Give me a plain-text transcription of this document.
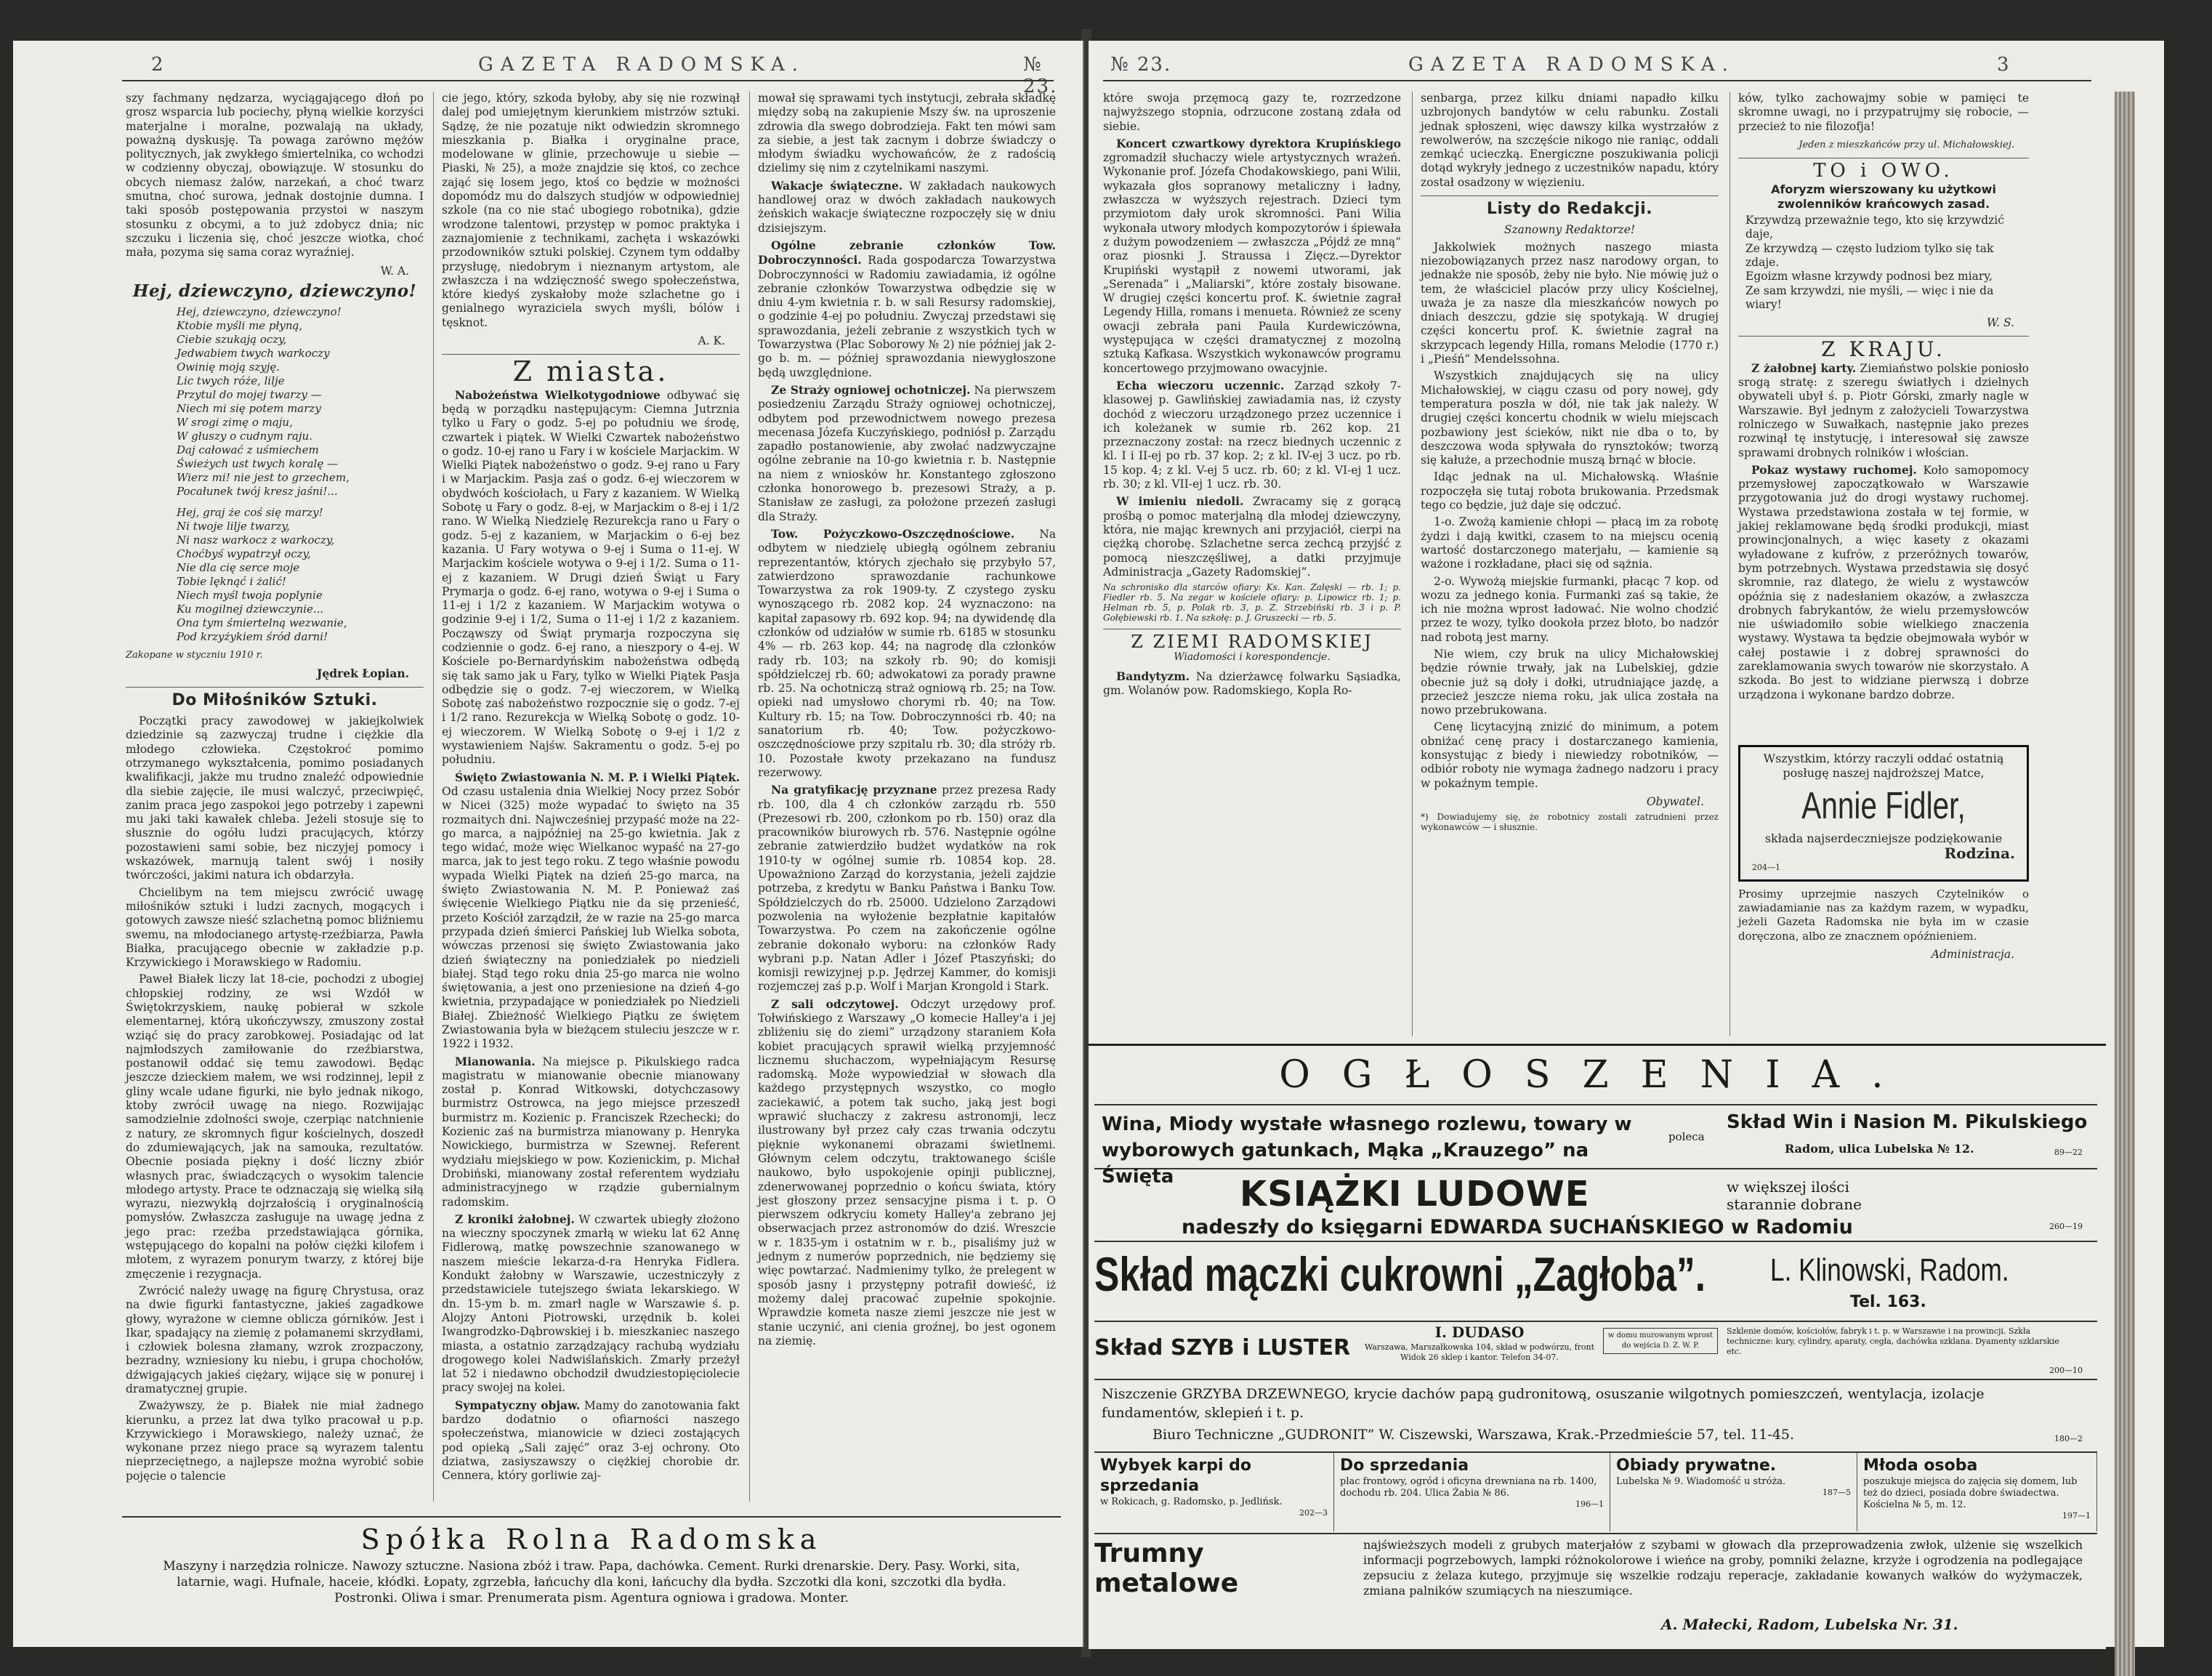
2	GAZETA RADOMSKA.	№ 23.

szy fachmany nędzarza, wyciągającego dłoń po grosz wsparcia lub pociechy, płyną wielkie korzyści materjalne i moralne, pozwalają na układy, poważną dyskusję. Ta powaga zarówno mężów politycznych, jak zwykłego śmiertelnika, co wchodzi w codzienny obyczaj, obowiązuje. W stosunku do obcych niemasz żalów, narzekań, a choć twarz smutna, choć surowa, jednak dostojnie dumna. I taki sposób postępowania przystoi w naszym stosunku z obcymi, a to już zdobycz dnia; nic szczuku i liczenia się, choć jeszcze wiotka, choć mała, pozyma się sama coraz wyraźniej.

W. A.
Hej, dziewczyno, dziewczyno!
Hej, dziewczyno, dziewczyno!
Ktobie myśli me płyną,
Ciebie szukają oczy,
Jedwabiem twych warkoczy
Owinię moją szyję.
Lic twych róże, lilje
Przytul do mojej twarzy —
Niech mi się potem marzy
W srogi zimę o maju,
W głuszy o cudnym raju.
Daj całować z uśmiechem
Świeżych ust twych koralę —
Wierz mi! nie jest to grzechem,
Pocałunek twój kresz jaśni!...
Hej, graj że coś się marzy!
Ni twoje lilje twarzy,
Ni nasz warkocz z warkoczy,
Choćbyś wypatrzył oczy,
Nie dla cię serce moje
Tobie lęknąć i żalić!
Niech myśl twoja poplynie
Ku mogilnej dziewczynie...
Ona tym śmiertelną wezwanie,
Pod krzyżykiem śród darni!
Zakopane w styczniu 1910 r.
Jędrek Łopian.
Do Miłośników Sztuki.

Początki pracy zawodowej w jakiejkolwiek dziedzinie są zazwyczaj trudne i ciężkie dla młodego człowieka. Częstokroć pomimo otrzymanego wykształcenia, pomimo posiadanych kwalifikacji, jakże mu trudno znaleźć odpowiednie dla siebie zajęcie, ile musi walczyć, przeciwpięć, zanim praca jego zaspokoi jego potrzeby i zapewni mu jaki taki kawałek chleba. Jeżeli stosuje się to słusznie do ogółu ludzi pracujących, którzy pozostawieni sami sobie, bez niczyjej pomocy i wskazówek, marnują talent swój i nosiły twórczości, jakimi natura ich obdarzyła.

Chcielibym na tem miejscu zwrócić uwagę miłośników sztuki i ludzi zacnych, mogących i gotowych zawsze nieść szlachetną pomoc bliźniemu swemu, na młodocianego artystę-rzeźbiarza, Pawła Białka, pracującego obecnie w zakładzie p.p. Krzywickiego i Morawskiego w Radomiu.

Paweł Białek liczy lat 18-cie, pochodzi z ubogiej chłopskiej rodziny, ze wsi Wzdół w Świętokrzyskiem, naukę pobierał w szkole elementarnej, którą ukończywszy, zmuszony został wziąć się do pracy zarobkowej. Posiadając od lat najmłodszych zamiłowanie do rzeźbiarstwa, postanowił oddać się temu zawodowi. Będąc jeszcze dzieckiem małem, we wsi rodzinnej, lepił z gliny wcale udane figurki, nie było jednak nikogo, ktoby zwrócił uwagę na niego. Rozwijając samodzielnie zdolności swoje, czerpiąc natchnienie z natury, ze skromnych figur kościelnych, doszedł do zdumiewających, jak na samouka, rezultatów. Obecnie posiada piękny i dość liczny zbiór własnych prac, świadczących o wysokim talencie młodego artysty. Prace te odznaczają się wielką siłą wyrazu, niezwykłą dojrzałością i oryginalnością pomysłów. Zwłaszcza zasługuje na uwagę jedna z jego prac: rzeźba przedstawiająca górnika, wstępującego do kopalni na połów ciężki kilofem i młotem, z wyrazem ponurym twarzy, z której bije zmęczenie i rezygnacja.

Zwrócić należy uwagę na figurę Chrystusa, oraz na dwie figurki fantastyczne, jakieś zagadkowe głowy, wyrażone w ciemne oblicza górników. Jest i Ikar, spadający na ziemię z połamanemi skrzydłami, i człowiek bolesna złamany, wzrok zrozpaczony, bezradny, wzniesiony ku niebu, i grupa chochołów, dźwigających jakieś ciężary, wijące się w ponurej i dramatycznej grupie.

Zważywszy, że p. Białek nie miał żadnego kierunku, a przez lat dwa tylko pracował u p.p. Krzywickiego i Morawskiego, należy uznać, że wykonane przez niego prace są wyrazem talentu nieprzeciętnego, a najlepsze można wyrobić sobie pojęcie o talencie

cie jego, który, szkoda byłoby, aby się nie rozwinął dalej pod umiejętnym kierunkiem mistrzów sztuki. Sądzę, że nie pozatuje nikt odwiedzin skromnego mieszkania p. Białka i oryginalne prace, modelowane w glinie, przechowuje u siebie — Piaski, № 25), a może znajdzie się ktoś, co zechce zająć się losem jego, ktoś co będzie w możności dopomódz mu do dalszych studjów w odpowiedniej szkole (na co nie stać ubogiego robotnika), gdzie wrodzone talentowi, przystęp w pomoc praktyka i zaznajomienie z technikami, zachęta i wskazówki przodowników sztuki polskiej. Czynem tym oddałby przysługę, niedobrym i nieznanym artystom, ale zwłaszcza i na wdzięczność swego społeczeństwa, które kiedyś zyskałoby może szlachetne go i genialnego wyraziciela swych myśli, bólów i tęsknot.

A. K.
Z miasta.

Nabożeństwa Wielkotygodniowe odbywać się będą w porządku następującym: Ciemna Jutrznia tylko u Fary o godz. 5-ej po południu we środę, czwartek i piątek. W Wielki Czwartek nabożeństwo o godz. 10-ej rano u Fary i w kościele Marjackim. W Wielki Piątek nabożeństwo o godz. 9-ej rano u Fary i w Marjackim. Pasja zaś o godz. 6-ej wieczorem w obydwóch kościołach, u Fary z kazaniem. W Wielką Sobotę u Fary o godz. 8-ej, w Marjackim o 8-ej i 1/2 rano. W Wielką Niedzielę Rezurekcja rano u Fary o godz. 5-ej z kazaniem, w Marjackim o 6-ej bez kazania. U Fary wotywa o 9-ej i Suma o 11-ej. W Marjackim kościele wotywa o 9-ej i 1/2. Suma o 11-ej z kazaniem. W Drugi dzień Świąt u Fary Prymarja o godz. 6-ej rano, wotywa o 9-ej i Suma o 11-ej i 1/2 z kazaniem. W Marjackim wotywa o godzinie 9-ej i 1/2, Suma o 11-ej i 1/2 z kazaniem. Począwszy od Świąt prymarja rozpoczyna się codziennie o godz. 6-ej rano, a nieszpory o 4-ej. W Kościele po-Bernardyńskim nabożeństwa odbędą się tak samo jak u Fary, tylko w Wielki Piątek Pasja odbędzie się o godz. 7-ej wieczorem, w Wielką Sobotę zaś nabożeństwo rozpocznie się o godz. 7-ej i 1/2 rano. Rezurekcja w Wielką Sobotę o godz. 10-ej wieczorem. W Wielką Sobotę o 9-ej i 1/2 z wystawieniem Najśw. Sakramentu o godz. 5-ej po południu.

Święto Zwiastowania N. M. P. i Wielki Piątek. Od czasu ustalenia dnia Wielkiej Nocy przez Sobór w Nicei (325) może wypadać to święto na 35 rozmaitych dni. Najwcześniej przypaść może na 22-go marca, a najpóźniej na 25-go kwietnia. Jak z tego widać, może więc Wielkanoc wypaść na 27-go marca, jak to jest tego roku. Z tego właśnie powodu wypada Wielki Piątek na dzień 25-go marca, na święto Zwiastowania N. M. P. Ponieważ zaś święcenie Wielkiego Piątku nie da się przenieść, przeto Kościół zarządził, że w razie na 25-go marca przypada dzień śmierci Pańskiej lub Wielka sobota, wówczas przenosi się święto Zwiastowania jako dzień świąteczny na poniedziałek po niedzieli białej. Stąd tego roku dnia 25-go marca nie wolno świętowania, a jest ono przeniesione na dzień 4-go kwietnia, przypadające w poniedziałek po Niedzieli Białej. Zbieżność Wielkiego Piątku ze świętem Zwiastowania była w bieżącem stuleciu jeszcze w r. 1922 i 1932.

Mianowania. Na miejsce p. Pikulskiego radca magistratu w mianowanie obecnie mianowany został p. Konrad Witkowski, dotychczasowy burmistrz Ostrowca, na jego miejsce przeszedł burmistrz m. Kozienic p. Franciszek Rzechecki; do Kozienic zaś na burmistrza mianowany p. Henryka Nowickiego, burmistrza w Szewnej. Referent wydziału miejskiego w pow. Kozienickim, p. Michał Drobiński, mianowany został referentem wydziału administracyjnego w rządzie gubernialnym radomskim.

Z kroniki żałobnej. W czwartek ubiegły złożono na wieczny spoczynek zmarłą w wieku lat 62 Annę Fidlerową, matkę powszechnie szanowanego w naszem mieście lekarza-d-ra Henryka Fidlera. Kondukt żałobny w Warszawie, uczestniczyły z przedstawiciele tutejszego świata lekarskiego. W dn. 15-ym b. m. zmarł nagle w Warszawie ś. p. Alojzy Antoni Piotrowski, urzędnik b. kolei Iwangrodzko-Dąbrowskiej i b. mieszkaniec naszego miasta, a ostatnio zarządzający rachubą wydziału drogowego kolei Nadwiślańskich. Zmarły przeżył lat 52 i niedawno obchodził dwudziestopięciolecie pracy swojej na kolei.

Sympatyczny objaw. Mamy do zanotowania fakt bardzo dodatnio o ofiarności naszego społeczeństwa, mianowicie w dzieci zostających pod opieką „Sali zajęć” oraz 3-ej ochrony. Oto dziatwa, zasiyszawszy o ciężkiej chorobie dr. Cennera, który gorliwie zaj-

mował się sprawami tych instytucji, zebrała składkę między sobą na zakupienie Mszy św. na uproszenie zdrowia dla swego dobrodzieja. Fakt ten mówi sam za siebie, a jest tak zacnym i dobrze świadczy o młodym świadku wychowańców, że z radością dzielimy się nim z czytelnikami naszymi.

Wakacje świąteczne. W zakładach naukowych handlowej oraz w dwóch zakładach naukowych żeńskich wakacje świąteczne rozpoczęły się w dniu dzisiejszym.

Ogólne zebranie członków Tow. Dobroczynności. Rada gospodarcza Towarzystwa Dobroczynności w Radomiu zawiadamia, iż ogólne zebranie członków Towarzystwa odbędzie się w dniu 4-ym kwietnia r. b. w sali Resursy radomskiej, o godzinie 4-ej po południu. Zwyczaj przedstawi się sprawozdania, jeżeli zebranie z wszystkich tych w Towarzystwa (Plac Soborowy № 2) nie później jak 2-go b. m. — później sprawozdania niewygłoszone będą uwzględnione.

Ze Straży ogniowej ochotniczej. Na pierwszem posiedzeniu Zarządu Straży ogniowej ochotniczej, odbytem pod przewodnictwem nowego prezesa mecenasa Józefa Kuczyńskiego, podniósł p. Zarządu zapadło postanowienie, aby zwołać nadzwyczajne ogólne zebranie na 10-go kwietnia r. b. Następnie na niem z wniosków hr. Konstantego zgłoszono członka honorowego b. prezesowi Straży, a p. Stanisław ze zasługi, za położone przezeń zasługi dla Straży.

Tow. Pożyczkowo-Oszczędnościowe. Na odbytem w niedzielę ubiegłą ogólnem zebraniu reprezentantów, których zjechało się przybyło 57, zatwierdzono sprawozdanie rachunkowe Towarzystwa za rok 1909-ty. Z czystego zysku wynoszącego rb. 2082 kop. 24 wyznaczono: na kapitał zapasowy rb. 692 kop. 94; na dywidendę dla członków od udziałów w sumie rb. 6185 w stosunku 4% — rb. 263 kop. 44; na nagrodę dla członków rady rb. 103; na szkoły rb. 90; do komisji spółdzielczej rb. 60; adwokatowi za porady prawne rb. 25. Na ochotniczą straż ogniową rb. 25; na Tow. opieki nad umysłowo chorymi rb. 40; na Tow. Kultury rb. 15; na Tow. Dobroczynności rb. 40; na sanatorium rb. 40; Tow. pożyczkowo-oszczędnościowe przy szpitalu rb. 30; dla stróży rb. 10. Pozostałe kwoty przekazano na fundusz rezerwowy.

Na gratyfikację przyznane przez prezesa Rady rb. 100, dla 4 ch członków zarządu rb. 550 (Prezesowi rb. 200, członkom po rb. 150) oraz dla pracowników biurowych rb. 576. Następnie ogólne zebranie zatwierdziło budżet wydatków na rok 1910-ty w ogólnej sumie rb. 10854 kop. 28. Upoważniono Zarząd do korzystania, jeżeli zajdzie potrzeba, z kredytu w Banku Państwa i Banku Tow. Spółdzielczych do rb. 25000. Udzielono Zarządowi pozwolenia na wyłożenie bezpłatnie kapitałów Towarzystwa. Po czem na zakończenie ogólne zebranie dokonało wyboru: na członków Rady wybrani p.p. Natan Adler i Józef Ptaszyński; do komisji rewizyjnej p.p. Jędrzej Kammer, do komisji rozjemczej zaś p.p. Wolf i Marjan Krongold i Stark.

Z sali odczytowej. Odczyt urzędowy prof. Tołwińskiego z Warszawy „O komecie Halley'a i jej zbliżeniu się do ziemi” urządzony staraniem Koła kobiet pracujących sprawił wielką przyjemność licznemu słuchaczom, wypełniającym Resursę radomską. Może wypowiedział w słowach dla każdego przystępnych wszystko, co mogło zaciekawić, a potem tak sucho, jaką jest bogi wprawić słuchaczy z zakresu astronomji, lecz ilustrowany był przez cały czas trwania odczytu pięknie wykonanemi obrazami świetlnemi. Głównym celem odczytu, traktowanego ściśle naukowo, było uspokojenie opinji publicznej, zdenerwowanej poprzednio o końcu świata, który jest głoszony przez sensacyjne pisma i t. p. O pierwszem odkryciu komety Halley'a zebrano jej obserwacjach przez astronomów do dziś. Wreszcie w r. 1835-ym i ostatnim w r. b., pisaliśmy już w jednym z numerów poprzednich, nie będziemy się więc powtarzać. Nadmienimy tylko, że prelegent w sposób jasny i przystępny potrafił dowieść, iż możemy dalej pracować zupełnie spokojnie. Wprawdzie kometa nasze ziemi jeszcze nie jest w stanie uczynić, ani cienia groźnej, bo jest ogonem na ziemię.

Spółka Rolna Radomska
Maszyny i narzędzia rolnicze. Nawozy sztuczne. Nasiona zbóż i traw. Papa, dachówka. Cement. Rurki drenarskie. Dery. Pasy. Worki, sita, latarnie, wagi. Hufnale, haceie, kłódki. Łopaty, zgrzebła, łańcuchy dla koni, łańcuchy dla bydła. Szczotki dla koni, szczotki dla bydła. Postronki. Oliwa i smar. Prenumerata pism. Agentura ogniowa i gradowa. Monter.
№ 23.	GAZETA RADOMSKA.	3

które swoja przęmocą gazy te, rozrzedzone najwyższego stopnia, odrzucone zostaną zdała od siebie.

Koncert czwartkowy dyrektora Krupińskiego zgromadził słuchaczy wiele artystycznych wrażeń. Wykonanie prof. Józefa Chodakowskiego, pani Wilii, wykazała głos sopranowy metaliczny i ładny, zwłaszcza w wyższych rejestrach. Dzieci tym przymiotom dały urok skromności. Pani Wilia wykonała utwory młodych kompozytorów i śpiewała z dużym powodzeniem — zwłaszcza „Pójdź ze mną” oraz piosnki J. Straussa i Zięcz.—Dyrektor Krupiński wystąpił z nowemi utworami, jak „Serenada” i „Maliarski”, które zostały bisowane. W drugiej części koncertu prof. K. świetnie zagrał Legendy Hilla, romans i menueta. Również ze sceny owacji zebrała pani Paula Kurdewiczówna, występująca w części dramatycznej z mozolną sztuką Kafkasa. Wszystkich wykonawców programu koncertowego przyjmowano owacyjnie.

Echa wieczoru uczennic. Zarząd szkoły 7-klasowej p. Gawlińskiej zawiadamia nas, iż czysty dochód z wieczoru urządzonego przez uczennice i ich koleżanek w sumie rb. 262 kop. 21 przeznaczony został: na rzecz biednych uczennic z kl. I i II-ej po rb. 37 kop. 2; z kl. IV-ej 3 ucz. po rb. 15 kop. 4; z kl. V-ej 5 ucz. rb. 60; z kl. VI-ej 1 ucz. rb. 30; z kl. VII-ej 1 ucz. rb. 30.

W imieniu niedoli. Zwracamy się z gorącą prośbą o pomoc materjalną dla młodej dziewczyny, która, nie mając krewnych ani przyjaciół, cierpi na ciężką chorobę. Szlachetne serca zechcą przyjść z pomocą nieszczęśliwej, a datki przyjmuje Administracja „Gazety Radomskiej”.

Na schronisko dla starców ofiary: Ks. Kan. Załęski — rb. 1; p. Fiedler rb. 5. Na zegar w kościele ofiary: p. Lipowicz rb. 1; p. Helman rb. 5, p. Polak rb. 3, p. Z. Strzebiński rb. 3 i p. P. Gołębiewski rb. 1. Na szkołę: p. J. Gruszecki — rb. 5.

Z ZIEMI RADOMSKIEJ
Wiadomości i korespondencje.

Bandytyzm. Na dzierżawcę folwarku Sąsiadka, gm. Wolanów pow. Radomskiego, Kopla Ro-

senbarga, przez kilku dniami napadło kilku uzbrojonych bandytów w celu rabunku. Zostali jednak spłoszeni, więc dawszy kilka wystrzałów z rewolwerów, na szczęście nikogo nie raniąc, oddali zemkąć ucieczką. Energiczne poszukiwania policji dotąd wykryły jednego z uczestników napadu, który został osadzony w więzieniu.

Listy do Redakcji.
Szanowny Redaktorze!

Jakkolwiek możnych naszego miasta niezobowiązanych przez nasz narodowy organ, to jednakże nie sposób, żeby nie było. Nie mówię już o tem, że właściciel placów przy ulicy Kościelnej, uważa je za nasze dla mieszkańców nowych po dniach deszczu, gdzie się spotykają. W drugiej części koncertu prof. K. świetnie zagrał na skrzypcach legendy Hilla, romans Melodie (1770 r.) i „Pieśń” Mendelssohna.

Wszystkich znajdujących się na ulicy Michałowskiej, w ciągu czasu od pory nowej, gdy temperatura poszła w dół, nie tak jak należy. W drugiej części koncertu chodnik w wielu miejscach pozbawiony jest ścieków, nikt nie dba o to, by deszczowa woda spływała do rynsztoków; tworzą się kałuże, a przechodnie muszą brnąć w błocie.

Idąc jednak na ul. Michałowską. Właśnie rozpoczęła się tutaj robota brukowania. Przedsmak tego co będzie, już daje się odczuć.

1-o. Zwożą kamienie chłopi — płacą im za robotę żydzi i dają kwitki, czasem to na miejscu ocenią wartość dostarczonego materjału, — kamienie są ważone i rozkładane, płaci się od sążnia.

2-o. Wywożą miejskie furmanki, płacąc 7 kop. od wozu za jednego konia. Furmanki zaś są takie, że ich nie można wprost ładować. Nie wolno chodzić przez te wozy, tylko dookoła przez błoto, bo nadzór nad robotą jest marny.

Nie wiem, czy bruk na ulicy Michałowskiej będzie równie trwały, jak na Lubelskiej, gdzie obecnie już są doły i dołki, utrudniające jazdę, a przecież jeszcze niema roku, jak ulica została na nowo przebrukowana.

Cenę licytacyjną znizić do minimum, a potem obniżać cenę pracy i dostarczanego kamienia, konsystując z biedy i niewiedzy robotników, — odbiór roboty nie wymaga żadnego nadzoru i pracy w pokaźnym tempie.

Obywatel.

*) Dowiadujemy się, że robotnicy zostali zatrudnieni przez wykonawców — i słusznie.

ków, tylko zachowajmy sobie w pamięci te skromne uwagi, no i przypatrujmy się robocie, — przecież to nie filozofja!

Jeden z mieszkańców przy ul. Michałowskiej.
TO i OWO.
Aforyzm wierszowany ku użytkowi zwolenników krańcowych zasad.
Krzywdzą przeważnie tego, kto się krzywdzić daje,
Ze krzywdzą — często ludziom tylko się tak zdaje.
Egoizm własne krzywdy podnosi bez miary,
Ze sam krzywdzi, nie myśli, — więc i nie da wiary!
W. S.
Z KRAJU.

Z żałobnej karty. Ziemiaństwo polskie poniosło srogą stratę: z szeregu światłych i dzielnych obywateli ubył ś. p. Piotr Górski, zmarły nagle w Warszawie. Był jednym z założycieli Towarzystwa rolniczego w Suwałkach, następnie jako prezes rozwinął tę instytucję, i interesował się zawsze sprawami drobnych rolników i włościan.

Pokaz wystawy ruchomej. Koło samopomocy przemysłowej zapoczątkowało w Warszawie przygotowania już do drogi wystawy ruchomej. Wystawa przedstawiona została w tej formie, w jakiej reklamowane będą środki produkcji, miast prowincjonalnych, a więc kasety z okazami wyładowane z kufrów, z przeróżnych towarów, bym potrzebnych. Wystawa przedstawia się dosyć skromnie, raz dlatego, że wielu z wystawców opóźnia się z nadesłaniem okazów, a zwłaszcza drobnych fabrykantów, że wielu przemysłowców nie uświadomiło sobie wielkiego znaczenia wystawy. Wystawa ta będzie obejmowała wybór w całej postawie i z dobrej sprawności do zareklamowania swych towarów nie skorzystało. A szkoda. Bo jest to widziane pierwszą i dobrze urządzona i wykonane bardzo dobrze.

Wszystkim, którzy raczyli oddać ostatnią posługę naszej najdroższej Matce,
Annie Fidler,
składa najserdeczniejsze podziękowanie
Rodzina.
204—1

Prosimy uprzejmie naszych Czytelników o zawiadamianie nas za każdym razem, w wypadku, jeżeli Gazeta Radomska nie była im w czasie doręczona, albo ze znacznem opóźnieniem.

Administracja.
OGŁOSZENIA.
Wina, Miody wystałe własnego rozlewu, towary w wyborowych gatunkach, Mąka „Krauzego” na Święta
poleca
Skład Win i Nasion M. Pikulskiego
Radom, ulica Lubelska № 12.	89—22
KSIĄŻKI LUDOWE	w większej ilości
starannie dobrane
nadeszły do księgarni EDWARDA SUCHAŃSKIEGO w Radomiu	260—19
Skład mączki cukrowni „Zagłoba”. L. Klinowski, Radom.
Tel. 163.
Skład SZYB i LUSTER
I. DUDASO
Warszawa, Marszałkowska 104, skład w podwórzu, front Widok 26 sklep i kantor. Telefon 34-07.
w domu murowanym wprost do wejścia D. Z. W. P.
Szklenie domów, kościołów, fabryk i t. p. w Warszawie i na prowincji. Szkła techniczne: kury, cylindry, aparaty, cegła, dachówka szklana. Dyamenty szklarskie etc.
200—10
Niszczenie GRZYBA DRZEWNEGO, krycie dachów papą gudronitową, osuszanie wilgotnych pomieszczeń, wentylacja, izolacje fundamentów, sklepień i t. p.
Biuro Techniczne „GUDRONIT” W. Ciszewski, Warszawa, Krak.-Przedmieście 57, tel. 11-45.	180—2
Wybyek karpi do sprzedania
w Rokicach, g. Radomsko, p. Jedlińsk.
202—3
Do sprzedania
plac frontowy, ogród i oficyna drewniana na rb. 1400, dochodu rb. 204. Ulica Żabia № 86.
196—1
Obiady prywatne.
Lubelska № 9. Wiadomość u stróża.
187—5
Młoda osoba
poszukuje miejsca do zajęcia się domem, lub też do dzieci, posiada dobre świadectwa. Kościelna № 5, m. 12.
197—1
Trumny metalowe
najświeższych modeli z grubych materjałów z szybami w głowach dla przeprowadzenia zwłok, ulżenie się wszelkich informacji pogrzebowych, lampki różnokolorowe i wieńce na groby, pomniki żelazne, krzyże i ogrodzenia na podlegające zepsuciu z żelaza kutego, przyjmuje się wszelkie rodzaju reperacje, zakładanie kowanych wałków do wyżymaczek, zmiana palników szumiących na nieszumiące.
A. Małecki, Radom, Lubelska Nr. 31.
